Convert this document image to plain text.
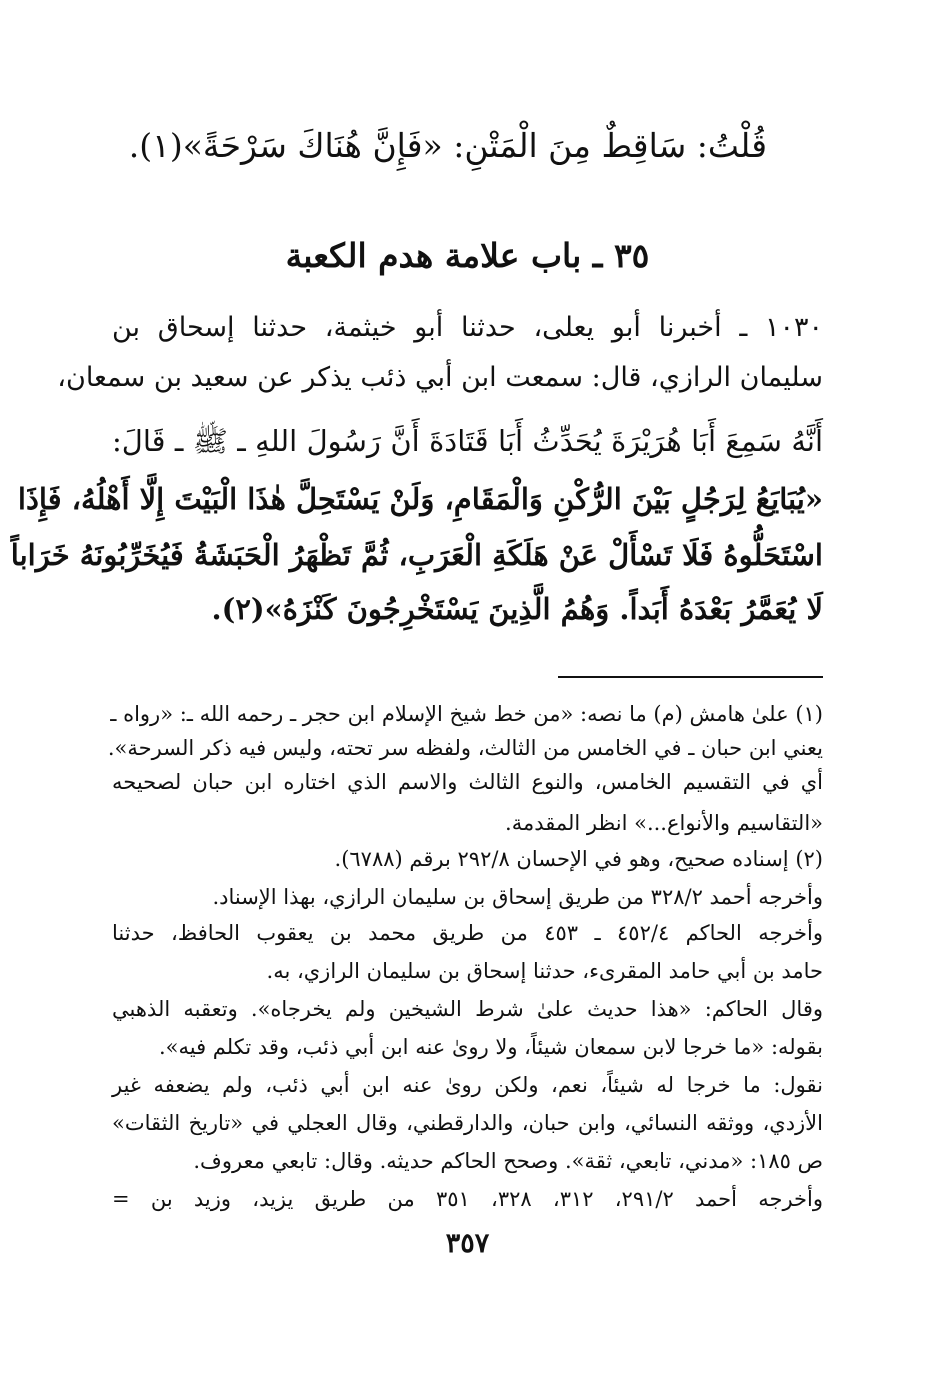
قُلْتُ: سَاقِطٌ مِنَ الْمَتْنِ: «فَإِنَّ هُنَاكَ سَرْحَةً»(١).
٣٥ ـ باب علامة هدم الكعبة
١٠٣٠ ـ أخبرنا أبو يعلى، حدثنا أبو خيثمة، حدثنا إسحاق بن
سليمان الرازي، قال: سمعت ابن أبي ذئب يذكر عن سعيد بن سمعان،
أَنَّهُ سَمِعَ أَبَا هُرَيْرَةَ يُحَدِّثُ أَبَا قَتَادَةَ أَنَّ رَسُولَ اللهِ ـ ﷺ ـ قَالَ:
«يُبَايَعُ لِرَجُلٍ بَيْنَ الرُّكْنِ وَالْمَقَامِ، وَلَنْ يَسْتَحِلَّ هٰذَا الْبَيْتَ إِلَّا أَهْلُهُ، فَإِذَا
اسْتَحَلُّوهُ فَلَا تَسْأَلْ عَنْ هَلَكَةِ الْعَرَبِ، ثُمَّ تَظْهَرُ الْحَبَشَةُ فَيُخَرِّبُونَهُ خَرَاباً
لَا يُعَمَّرُ بَعْدَهُ أَبَداً. وَهُمُ الَّذِينَ يَسْتَخْرِجُونَ كَنْزَهُ»(٢).
(١) علىٰ هامش (م) ما نصه: «من خط شيخ الإسلام ابن حجر ـ رحمه الله ـ: «رواه ـ
يعني ابن حبان ـ في الخامس من الثالث، ولفظه سر تحته، وليس فيه ذكر السرحة».
أي في التقسيم الخامس، والنوع الثالث والاسم الذي اختاره ابن حبان لصحيحه
«التقاسيم والأنواع...» انظر المقدمة.
(٢) إسناده صحيح، وهو في الإحسان ٢٩٢/٨ برقم (٦٧٨٨).
وأخرجه أحمد ٣٢٨/٢ من طريق إسحاق بن سليمان الرازي، بهذا الإسناد.
وأخرجه الحاكم ٤٥٢/٤ ـ ٤٥٣ من طريق محمد بن يعقوب الحافظ، حدثنا
حامد بن أبي حامد المقرىء، حدثنا إسحاق بن سليمان الرازي، به.
وقال الحاكم: «هذا حديث علىٰ شرط الشيخين ولم يخرجاه». وتعقبه الذهبي
بقوله: «ما خرجا لابن سمعان شيئاً، ولا روىٰ عنه ابن أبي ذئب، وقد تكلم فيه».
نقول: ما خرجا له شيئاً، نعم، ولكن روىٰ عنه ابن أبي ذئب، ولم يضعفه غير
الأزدي، ووثقه النسائي، وابن حبان، والدارقطني، وقال العجلي في «تاريخ الثقات»
ص ١٨٥: «مدني، تابعي، ثقة». وصحح الحاكم حديثه. وقال: تابعي معروف.
وأخرجه أحمد ٢٩١/٢، ٣١٢، ٣٢٨، ٣٥١ من طريق يزيد، وزيد بن =
٣٥٧
